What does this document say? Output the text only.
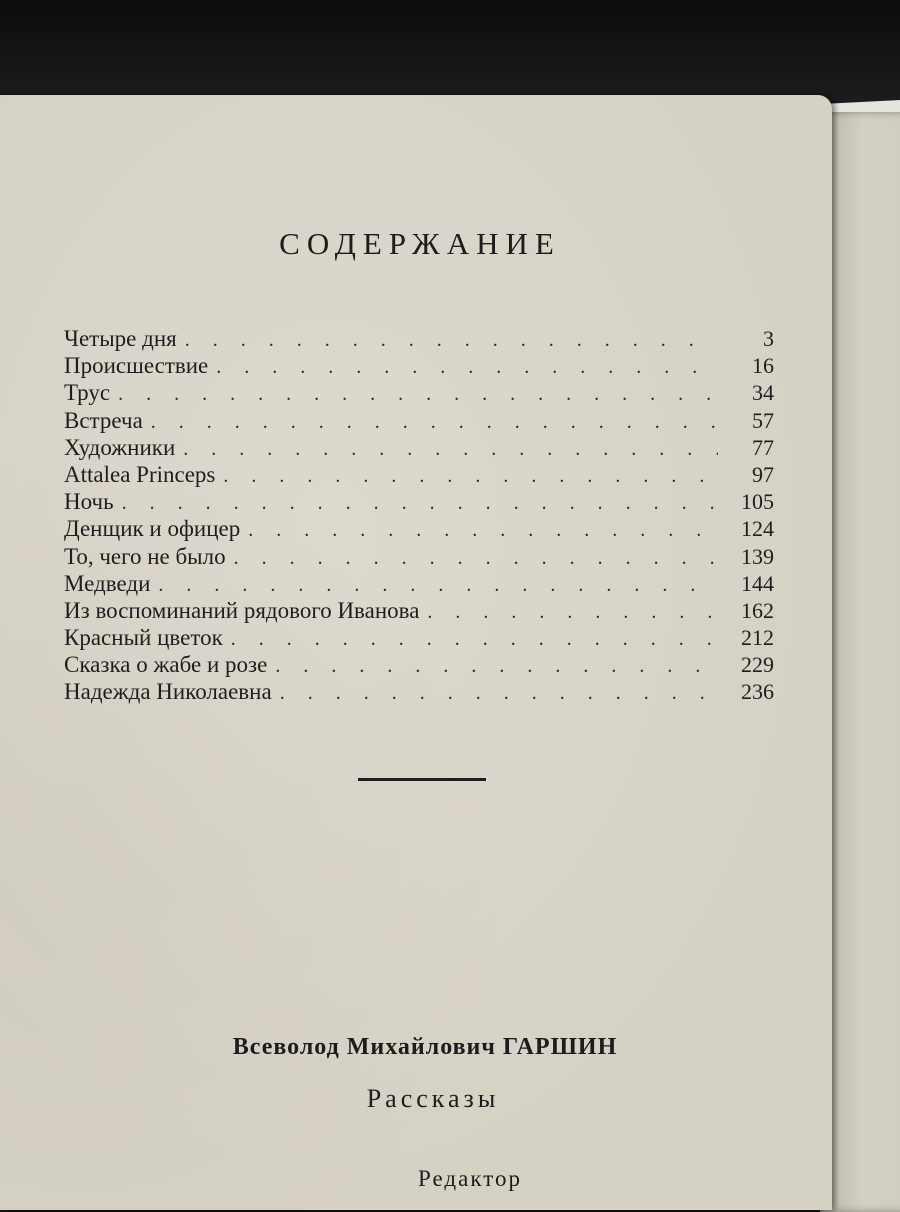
СОДЕРЖАНИЕ
Четыре дня . . .	3
Происшествие . . .	16
Трус . . .	34
Встреча . . .	57
Художники . . .	77
Attalea Princeps . . .	97
Ночь . . .	105
Денщик и офицер . . .	124
То, чего не было . . .	139
Медведи . . .	144
Из воспоминаний рядового Иванова . . .	162
Красный цветок . . .	212
Сказка о жабе и розе . . .	229
Надежда Николаевна . . .	236
Всеволод Михайлович ГАРШИН
Рассказы
Редактор
